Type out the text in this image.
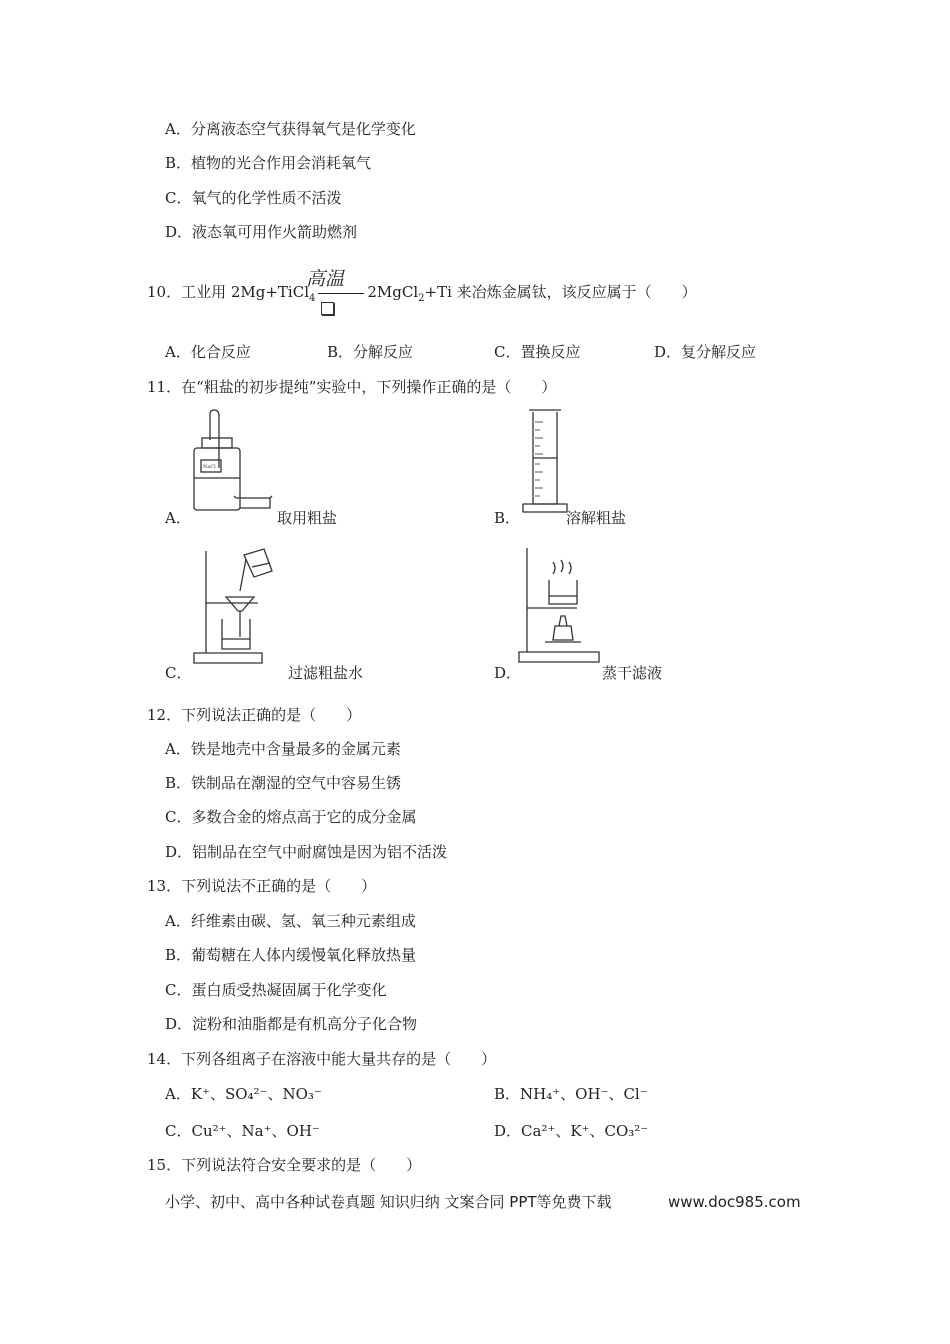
A．分离液态空气获得氧气是化学变化
B．植物的光合作用会消耗氧气
C．氧气的化学性质不活泼
D．液态氧可用作火箭助燃剂
高温
10．工业用 2Mg+TiCl$_4$	2MgCl$_2$+Ti 来冶炼金属钛，该反应属于（　　）
A．化合反应	B．分解反应	C．置换反应	D．复分解反应
11．在“粗盐的初步提纯”实验中，下列操作正确的是（　　）
NaCl
A．	取用粗盐	B．	溶解粗盐
C．	过滤粗盐水	D．	蒸干滤液
12．下列说法正确的是（　　）
A．铁是地壳中含量最多的金属元素
B．铁制品在潮湿的空气中容易生锈
C．多数合金的熔点高于它的成分金属
D．铝制品在空气中耐腐蚀是因为铝不活泼
13．下列说法不正确的是（　　）
A．纤维素由碳、氢、氧三种元素组成
B．葡萄糖在人体内缓慢氧化释放热量
C．蛋白质受热凝固属于化学变化
D．淀粉和油脂都是有机高分子化合物
14．下列各组离子在溶液中能大量共存的是（　　）
A．K⁺、SO₄²⁻、NO₃⁻	B．NH₄⁺、OH⁻、Cl⁻
C．Cu²⁺、Na⁺、OH⁻	D．Ca²⁺、K⁺、CO₃²⁻
15．下列说法符合安全要求的是（　　）
小学、初中、高中各种试卷真题 知识归纳 文案合同 PPT等免费下载	www.doc985.com
